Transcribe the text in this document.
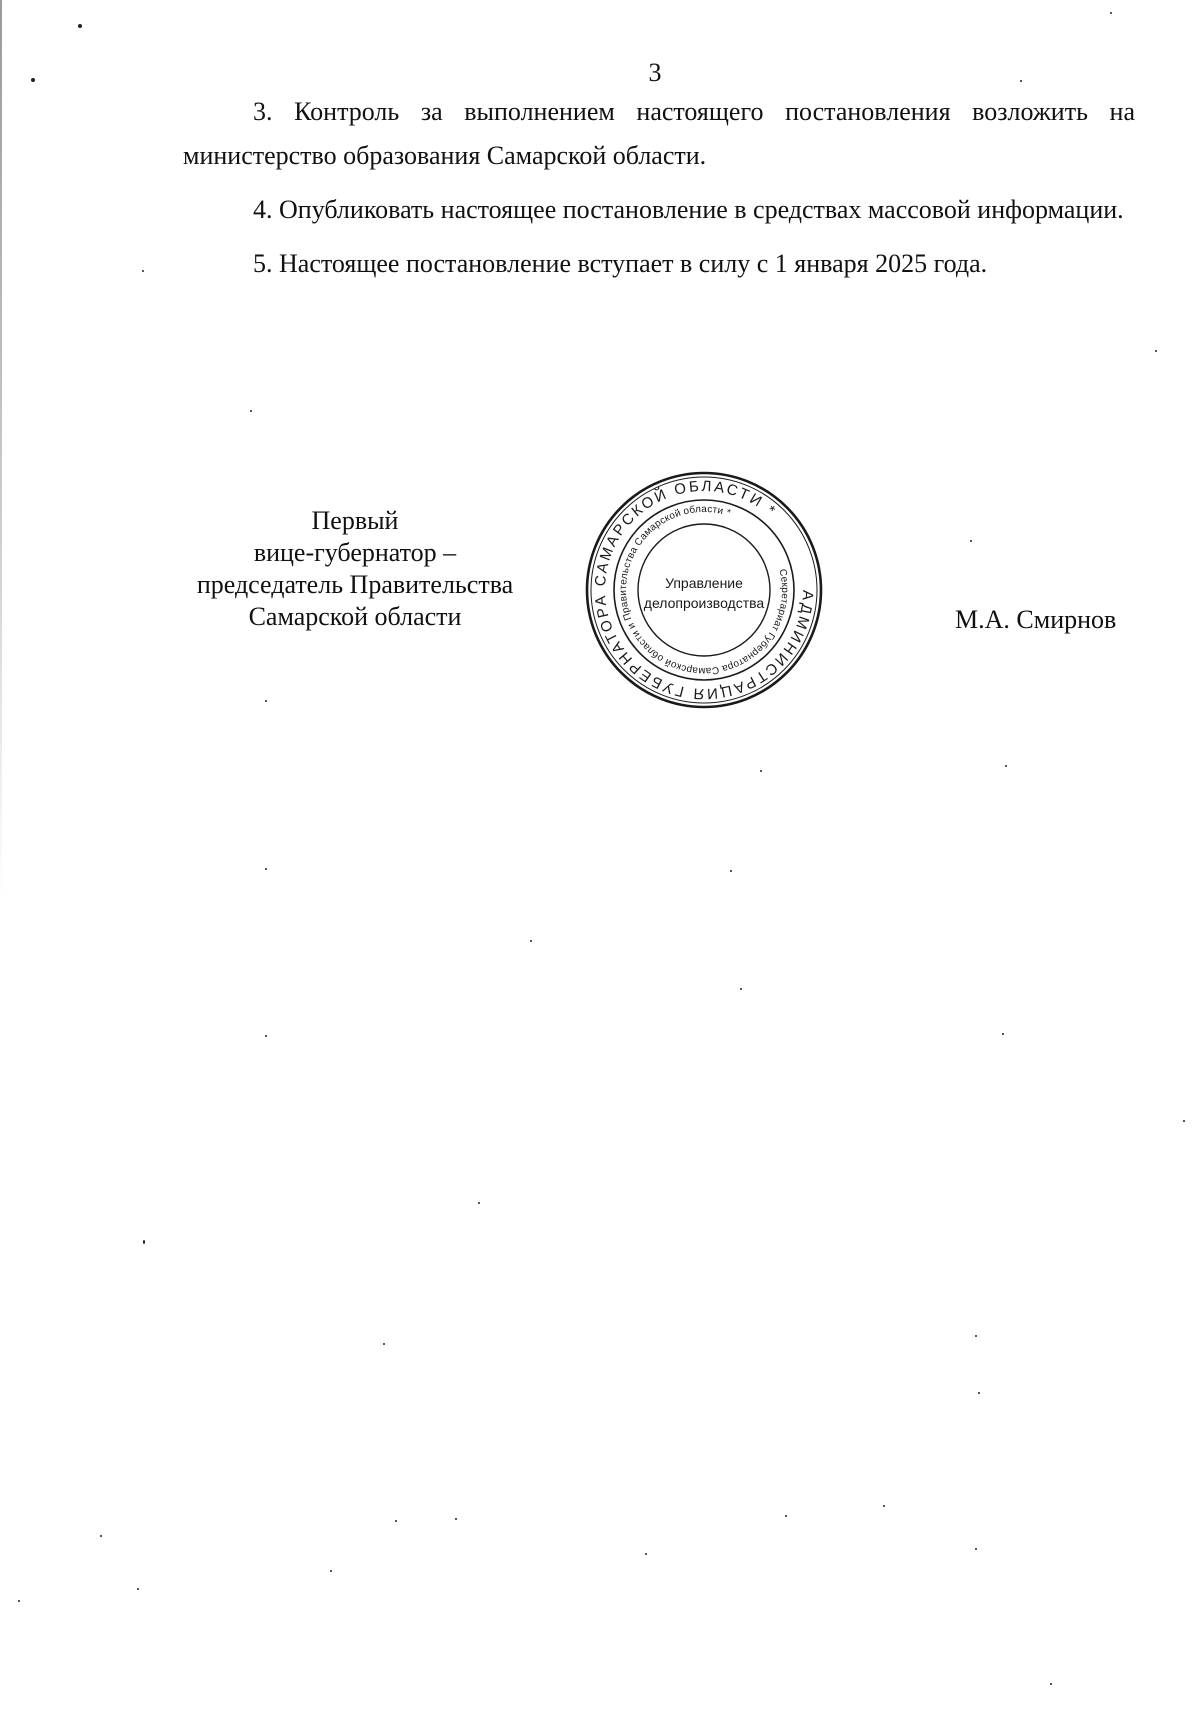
3

3. Контроль за выполнением настоящего постановления возложить на министерство образования Самарской области.

4. Опубликовать настоящее постановление в средствах массовой информации.

5. Настоящее постановление вступает в силу с 1 января 2025 года.

Первый
вице-губернатор –
председатель Правительства
Самарской области
АДМИНИСТРАЦИЯ ГУБЕРНАТОРА САМАРСКОЙ ОБЛАСТИ *
Секретариат Губернатора Самарской области и Правительства Самарской области *
Управление
делопроизводства
М.А. Смирнов
